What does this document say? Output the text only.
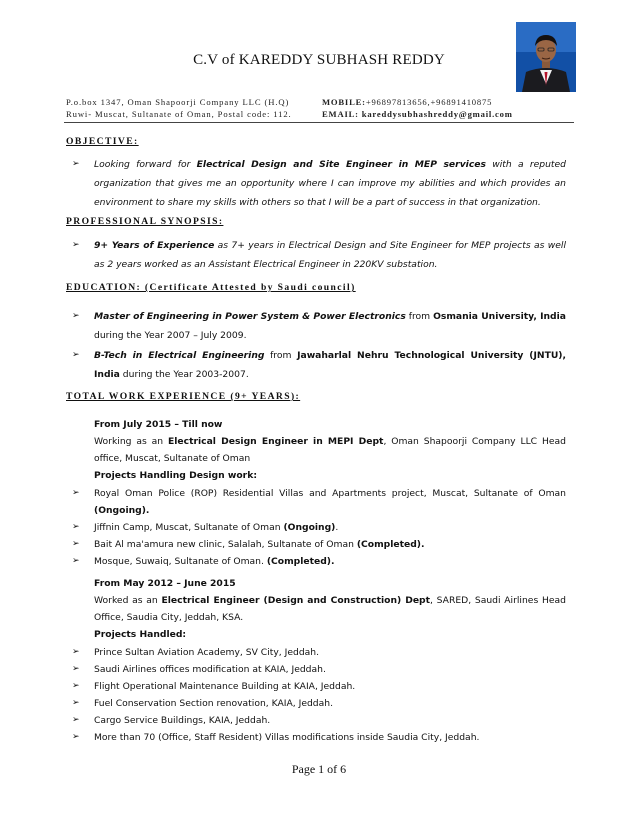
C.V of KAREDDY SUBHASH REDDY
P.o.box 1347, Oman Shapoorji Company LLC (H.Q)
Ruwi- Muscat, Sultanate of Oman, Postal code: 112.
MOBILE:+96897813656,+96891410875
EMAIL: kareddysubhashreddy@gmail.com
OBJECTIVE:
➢ Looking forward for Electrical Design and Site Engineer in MEP services with a reputed organization that gives me an opportunity where I can improve my abilities and which provides an environment to share my skills with others so that I will be a part of success in that organization.
PROFESSIONAL SYNOPSIS:
➢ 9+ Years of Experience as 7+ years in Electrical Design and Site Engineer for MEP projects as well as 2 years worked as an Assistant Electrical Engineer in 220KV substation.
EDUCATION: (Certificate Attested by Saudi council)
➢ Master of Engineering in Power System & Power Electronics from Osmania University, India during the Year 2007 – July 2009.
➢ B-Tech in Electrical Engineering from Jawaharlal Nehru Technological University (JNTU), India during the Year 2003-2007.
TOTAL WORK EXPERIENCE (9+ YEARS):
From July 2015 – Till now
Working as an Electrical Design Engineer in MEPI Dept, Oman Shapoorji Company LLC Head office, Muscat, Sultanate of Oman
Projects Handling Design work:
➢ Royal Oman Police (ROP) Residential Villas and Apartments project, Muscat, Sultanate of Oman (Ongoing).
➢ Jiffnin Camp, Muscat, Sultanate of Oman (Ongoing).
➢ Bait Al ma'amura new clinic, Salalah, Sultanate of Oman (Completed).
➢ Mosque, Suwaiq, Sultanate of Oman. (Completed).
From May 2012 – June 2015
Worked as an Electrical Engineer (Design and Construction) Dept, SARED, Saudi Airlines Head Office, Saudia City, Jeddah, KSA.
Projects Handled:
➢ Prince Sultan Aviation Academy, SV City, Jeddah.
➢ Saudi Airlines offices modification at KAIA, Jeddah.
➢ Flight Operational Maintenance Building at KAIA, Jeddah.
➢ Fuel Conservation Section renovation, KAIA, Jeddah.
➢ Cargo Service Buildings, KAIA, Jeddah.
➢ More than 70 (Office, Staff Resident) Villas modifications inside Saudia City, Jeddah.
Page 1 of 6
